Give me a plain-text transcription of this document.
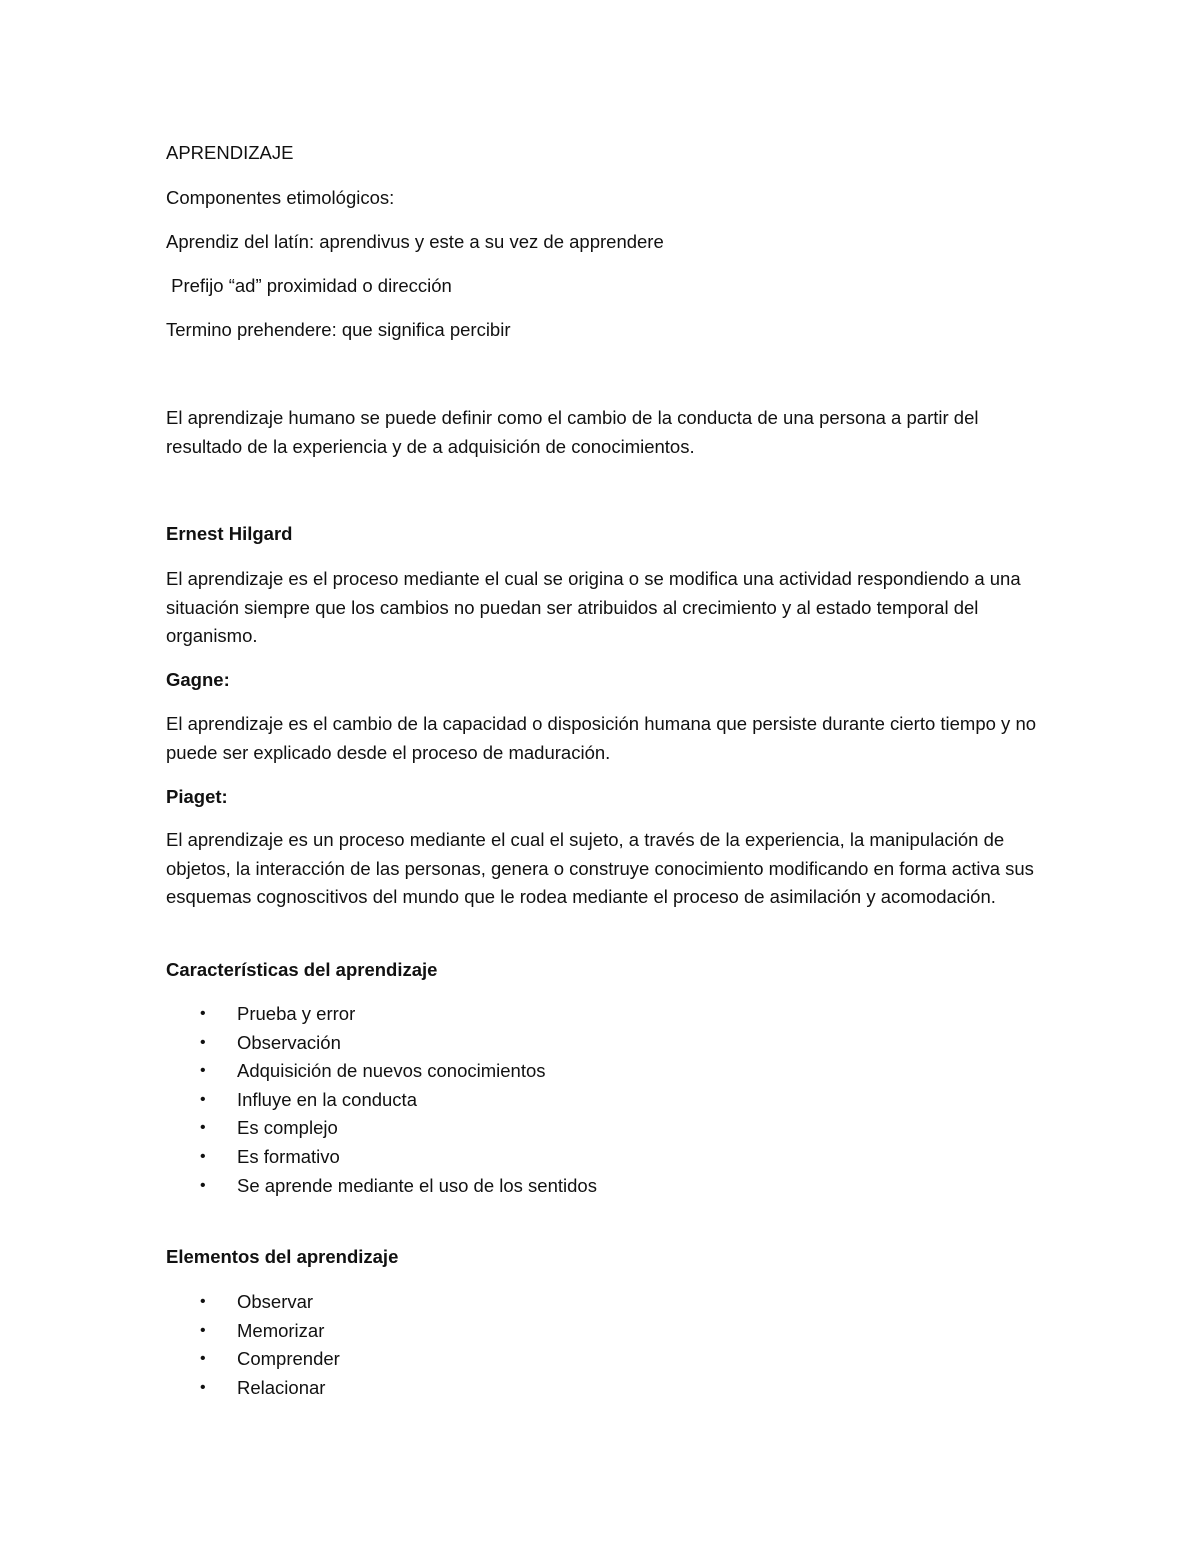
APRENDIZAJE

Componentes etimológicos:

Aprendiz del latín: aprendivus y este a su vez de apprendere

Prefijo “ad” proximidad o dirección

Termino prehendere: que significa percibir

El aprendizaje humano se puede definir como el cambio de la conducta de una persona a partir del resultado de la experiencia y de a adquisición de conocimientos.

Ernest Hilgard

El aprendizaje es el proceso mediante el cual se origina o se modifica una actividad respondiendo a una situación siempre que los cambios no puedan ser atribuidos al crecimiento y al estado temporal del organismo.

Gagne:

El aprendizaje es el cambio de la capacidad o disposición humana que persiste durante cierto tiempo y no puede ser explicado desde el proceso de maduración.

Piaget:

El aprendizaje es un proceso mediante el cual el sujeto, a través de la experiencia, la manipulación de objetos, la interacción de las personas, genera o construye conocimiento modificando en forma activa sus esquemas cognoscitivos del mundo que le rodea mediante el proceso de asimilación y acomodación.

Características del aprendizaje

• Prueba y error
• Observación
• Adquisición de nuevos conocimientos
• Influye en la conducta
• Es complejo
• Es formativo
• Se aprende mediante el uso de los sentidos

Elementos del aprendizaje

• Observar
• Memorizar
• Comprender
• Relacionar
